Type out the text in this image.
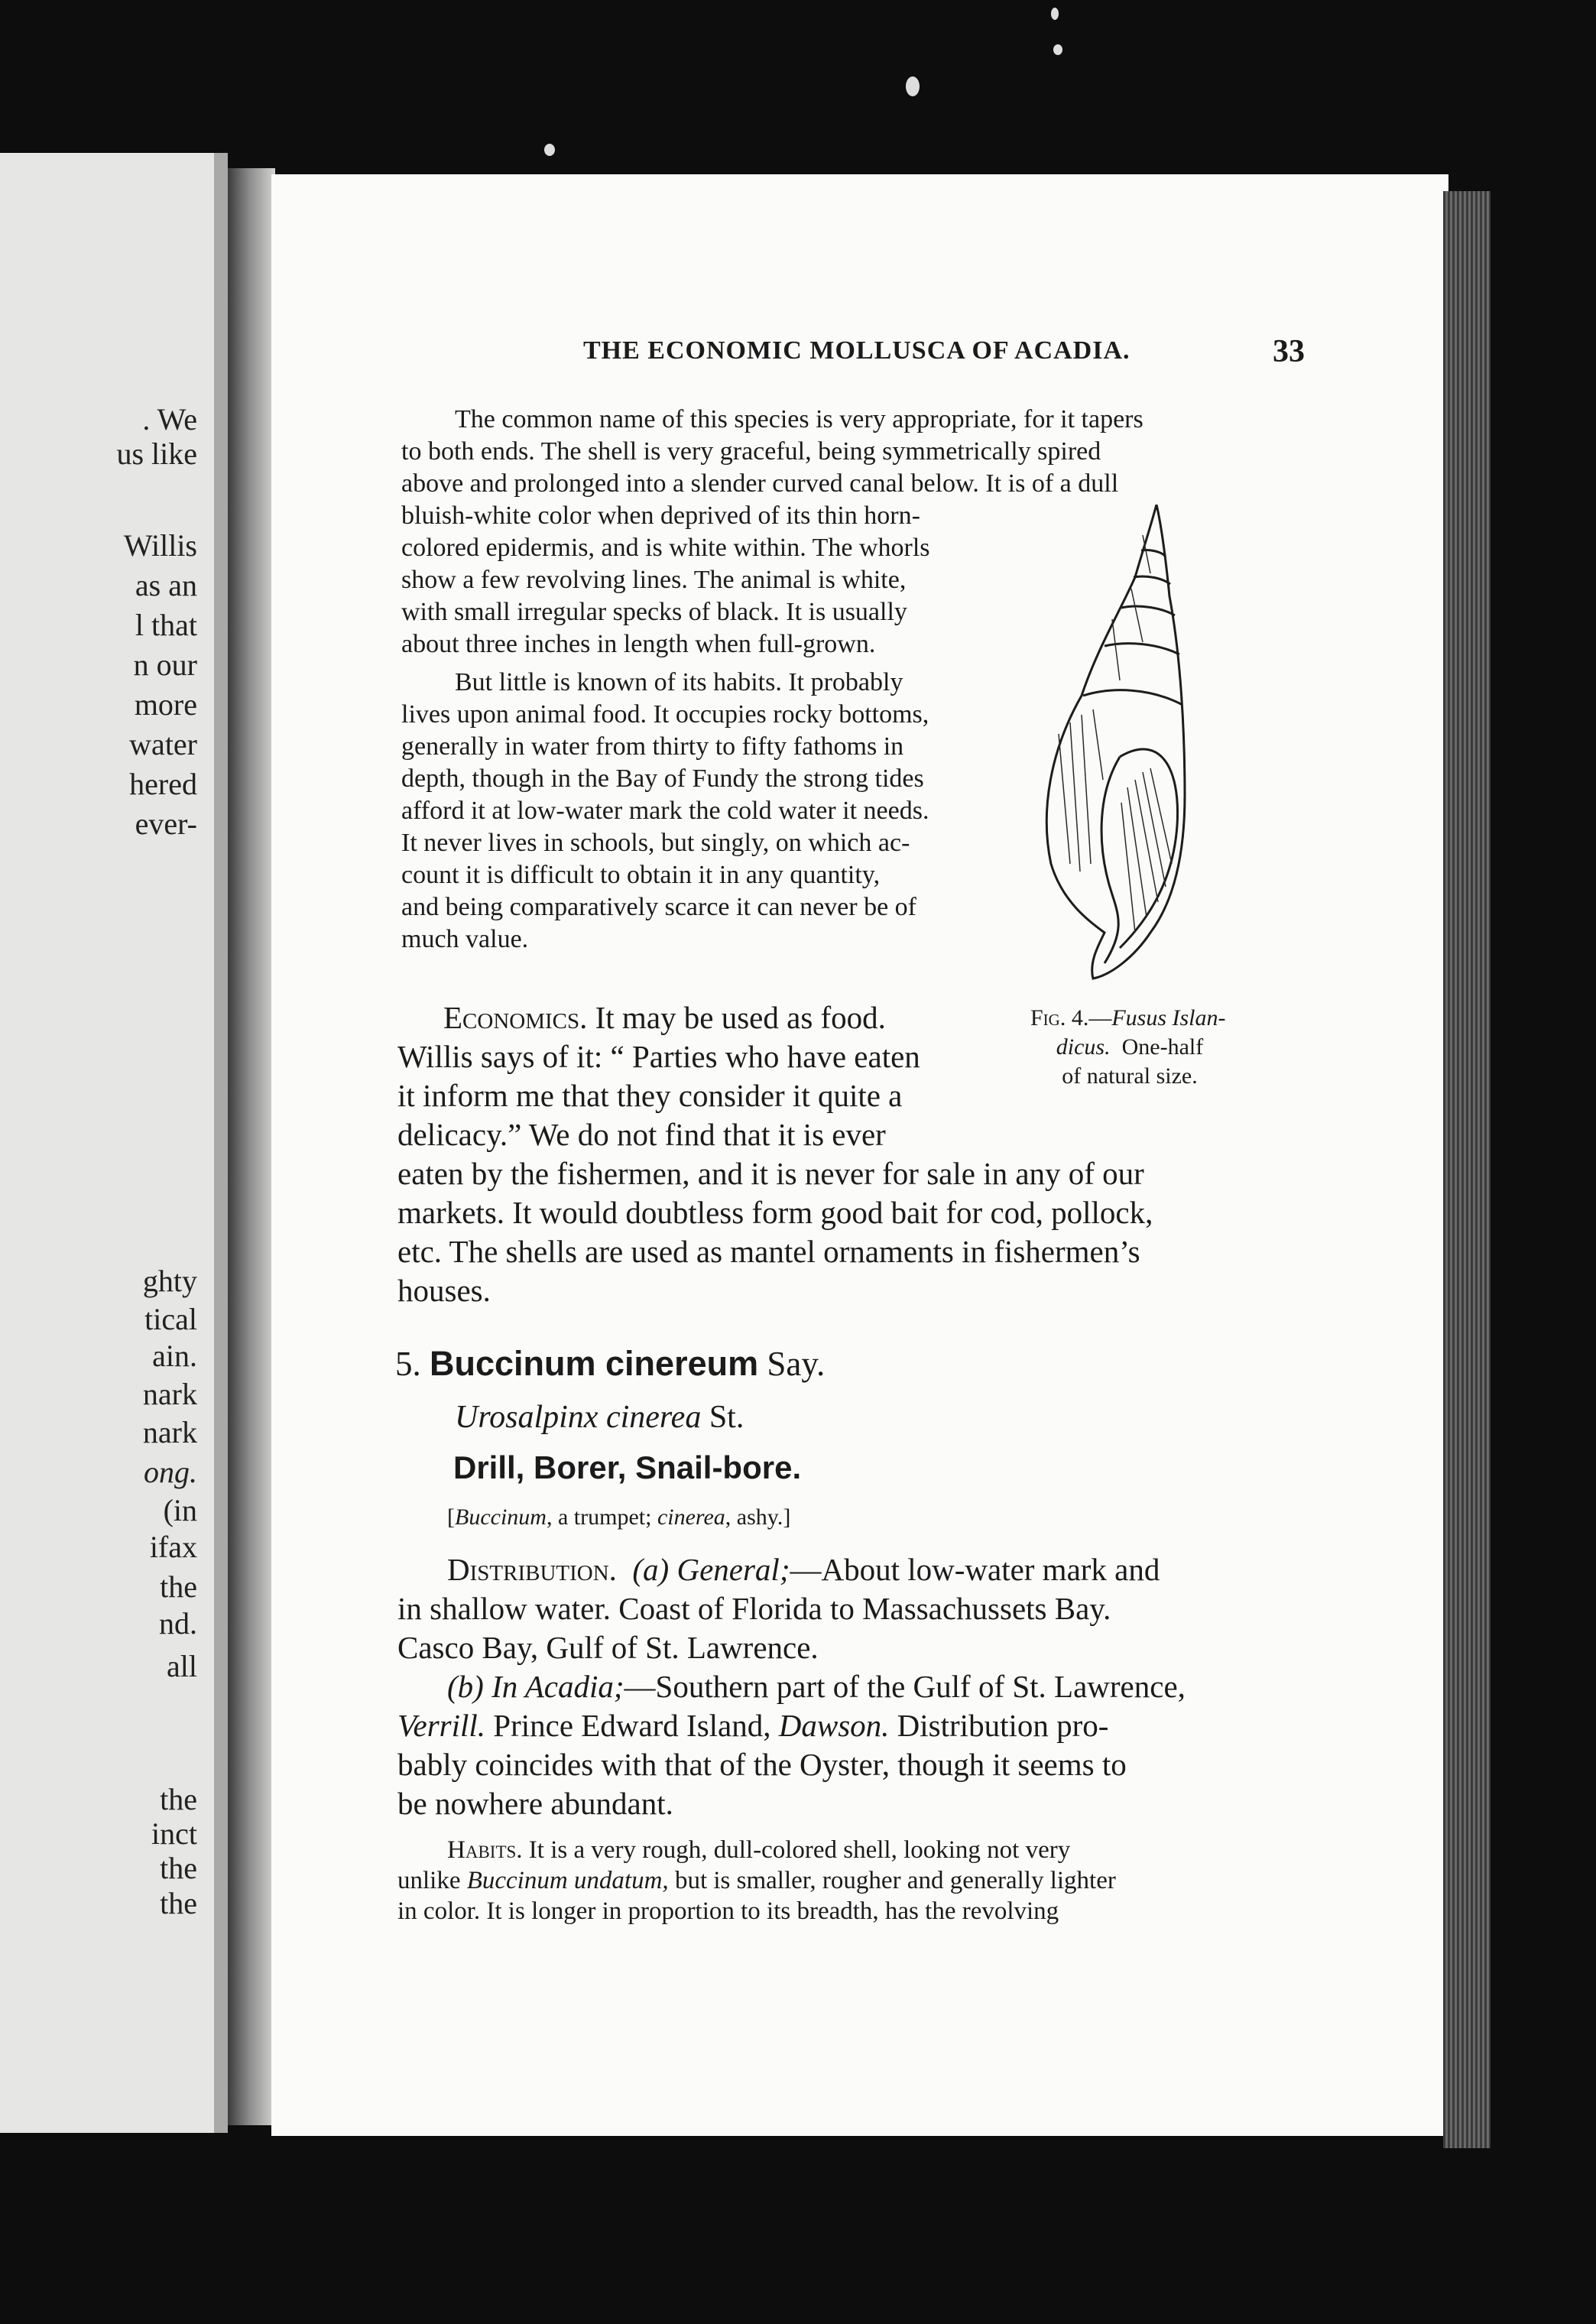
. We
us like
Willis
as an
l that
n our
more
water
hered
ever-
ghty
tical
ain.
nark
nark
ong.
(in
ifax
the
nd.
all
the
inct
the
the
THE ECONOMIC MOLLUSCA OF ACADIA.	33
The common name of this species is very appropriate, for it tapers
to both ends. The shell is very graceful, being symmetrically spired
above and prolonged into a slender curved canal below. It is of a dull
bluish-white color when deprived of its thin horn-
colored epidermis, and is white within. The whorls
show a few revolving lines. The animal is white,
with small irregular specks of black. It is usually
about three inches in length when full-grown.
But little is known of its habits. It probably
lives upon animal food. It occupies rocky bottoms,
generally in water from thirty to fifty fathoms in
depth, though in the Bay of Fundy the strong tides
afford it at low-water mark the cold water it needs.
It never lives in schools, but singly, on which ac-
count it is difficult to obtain it in any quantity,
and being comparatively scarce it can never be of
much value.
Fig. 4.—Fusus Islan-
dicus. One-half
of natural size.
Economics. It may be used as food.
Willis says of it: “ Parties who have eaten
it inform me that they consider it quite a
delicacy.” We do not find that it is ever
eaten by the fishermen, and it is never for sale in any of our
markets. It would doubtless form good bait for cod, pollock,
etc. The shells are used as mantel ornaments in fishermen’s
houses.
5. Buccinum cinereum Say.
Urosalpinx cinerea St.
Drill, Borer, Snail-bore.
[Buccinum, a trumpet; cinerea, ashy.]
Distribution. (a) General;—About low-water mark and
in shallow water. Coast of Florida to Massachussets Bay.
Casco Bay, Gulf of St. Lawrence.
(b) In Acadia;—Southern part of the Gulf of St. Lawrence,
Verrill. Prince Edward Island, Dawson. Distribution pro-
bably coincides with that of the Oyster, though it seems to
be nowhere abundant.
Habits. It is a very rough, dull-colored shell, looking not very
unlike Buccinum undatum, but is smaller, rougher and generally lighter
in color. It is longer in proportion to its breadth, has the revolving
